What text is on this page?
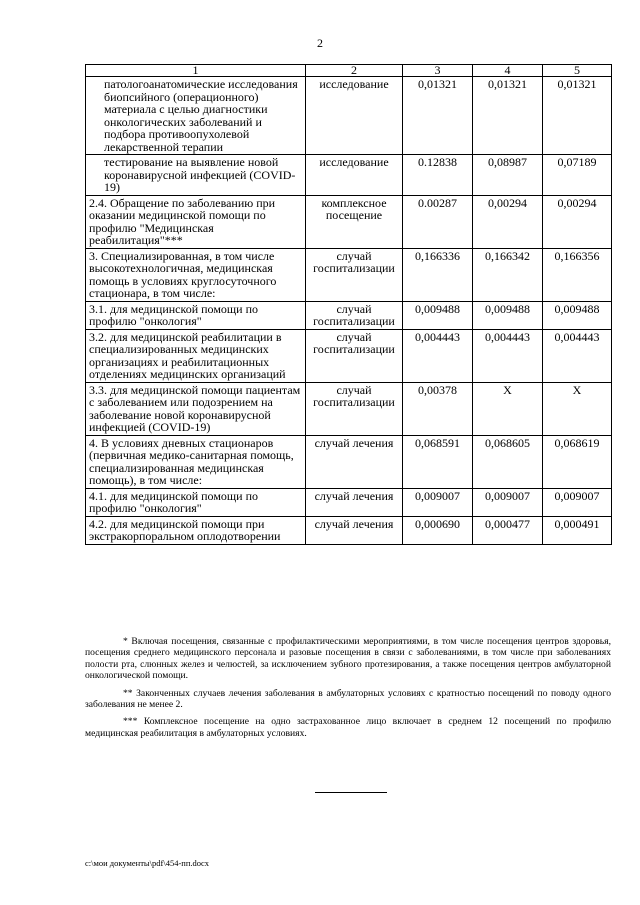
2
1	2	3	4	5
патологоанатомические исследования биопсийного (операционного) материала с целью диагностики онкологических заболеваний и подбора противоопухолевой лекарственной терапии	исследование	0,01321	0,01321	0,01321
тестирование на выявление новой коронавирусной инфекцией (COVID-19)	исследование	0.12838	0,08987	0,07189
2.4. Обращение по заболеванию при оказании медицинской помощи по профилю "Медицинская реабилитация"***	комплексное посещение	0.00287	0,00294	0,00294
3. Специализированная, в том числе высокотехнологичная, медицинская помощь в условиях круглосуточного стационара, в том числе:	случай госпитализации	0,166336	0,166342	0,166356
3.1. для медицинской помощи по профилю "онкология"	случай госпитализации	0,009488	0,009488	0,009488
3.2. для медицинской реабилитации в специализированных медицинских организациях и реабилитационных отделениях медицинских организаций	случай госпитализации	0,004443	0,004443	0,004443
3.3. для медицинской помощи пациентам с заболеванием или подозрением на заболевание новой коронавирусной инфекцией (COVID-19)	случай госпитализации	0,00378	X	X
4. В условиях дневных стационаров (первичная медико-санитарная помощь, специализированная медицинская помощь), в том числе:	случай лечения	0,068591	0,068605	0,068619
4.1. для медицинской помощи по профилю "онкология"	случай лечения	0,009007	0,009007	0,009007
4.2. для медицинской помощи при экстракорпоральном оплодотворении	случай лечения	0,000690	0,000477	0,000491

* Включая посещения, связанные с профилактическими мероприятиями, в том числе посещения центров здоровья, посещения среднего медицинского персонала и разовые посещения в связи с заболеваниями, в том числе при заболеваниях полости рта, слюнных желез и челюстей, за исключением зубного протезирования, а также посещения центров амбулаторной онкологической помощи.

** Законченных случаев лечения заболевания в амбулаторных условиях с кратностью посещений по поводу одного заболевания не менее 2.

*** Комплексное посещение на одно застрахованное лицо включает в среднем 12 посещений по профилю медицинская реабилитация в амбулаторных условиях.

c:\мои документы\pdf\454-пп.docx
